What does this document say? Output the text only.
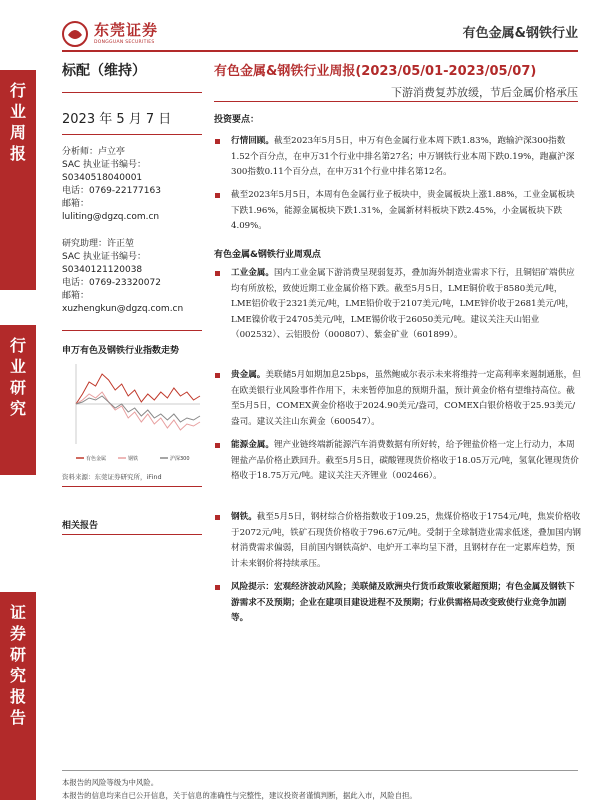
东莞证券
DONGGUAN SECURITIES
有色金属&钢铁行业
行
业
周
报
行
业
研
究
证
券
研
究
报
告
标配（维持）
2023 年 5 月 7 日
分析师：卢立亭
SAC 执业证书编号：
S0340518040001
电话：0769-22177163
邮箱：
luliting@dgzq.com.cn
研究助理：许正堃
SAC 执业证书编号：
S0340121120038
电话：0769-23320072
邮箱：
xuzhengkun@dgzq.com.cn
申万有色及钢铁行业指数走势
有色金属	钢铁	沪深300
资料来源：东莞证券研究所，iFind
相关报告
有色金属&钢铁行业周报(2023/05/01-2023/05/07)
下游消费复苏放缓，节后金属价格承压
投资要点：
行情回顾。截至2023年5月5日，申万有色金属行业本周下跌1.83%，跑输沪深300指数1.52个百分点，在申万31个行业中排名第27名；申万钢铁行业本周下跌0.19%，跑赢沪深300指数0.11个百分点，在申万31个行业中排名第12名。
截至2023年5月5日，本周有色金属行业子板块中，贵金属板块上涨1.88%，工业金属板块下跌1.96%，能源金属板块下跌1.31%，金属新材料板块下跌2.45%，小金属板块下跌4.09%。
有色金属&钢铁行业周观点
工业金属。国内工业金属下游消费呈现弱复苏，叠加海外制造业需求下行，且铜铝矿端供应均有所放松，致使近期工业金属价格下跌。截至5月5日，LME铜价收于8580美元/吨，LME铝价收于2321美元/吨，LME铅价收于2107美元/吨，LME锌价收于2681美元/吨，LME镍价收于24705美元/吨，LME锡价收于26050美元/吨。建议关注天山铝业（002532）、云铝股份（000807）、紫金矿业（601899）。
贵金属。美联储5月如期加息25bps，虽然鲍威尔表示未来将维持一定高利率来遏制通胀，但在欧美银行业风险事件作用下，未来暂停加息的预期升温，预计黄金价格有望维持高位。截至5月5日，COMEX黄金价格收于2024.90美元/盎司，COMEX白银价格收于25.93美元/盎司。建议关注山东黄金（600547）。
能源金属。锂产业链终端新能源汽车消费数据有所好转，给予锂盐价格一定上行动力，本周锂盐产品价格止跌回升。截至5月5日，碳酸锂现货价格收于18.05万元/吨，氢氧化锂现货价格收于18.75万元/吨。建议关注天齐锂业（002466）。
钢铁。截至5月5日，钢材综合价格指数收于109.25，焦煤价格收于1754元/吨，焦炭价格收于2072元/吨，铁矿石现货价格收于796.67元/吨。受制于全球制造业需求低迷，叠加国内钢材消费需求偏弱，目前国内钢铁高炉、电炉开工率均呈下滑，且钢材存在一定累库趋势，预计未来钢价将持续承压。
风险提示：宏观经济波动风险；美联储及欧洲央行货币政策收紧超预期；有色金属及钢铁下游需求不及预期；企业在建项目建设进程不及预期；行业供需格局改变致使行业竞争加剧等。
本报告的风险等级为中风险。
本报告的信息均来自已公开信息，关于信息的准确性与完整性，建议投资者谨慎判断，据此入市，风险自担。
